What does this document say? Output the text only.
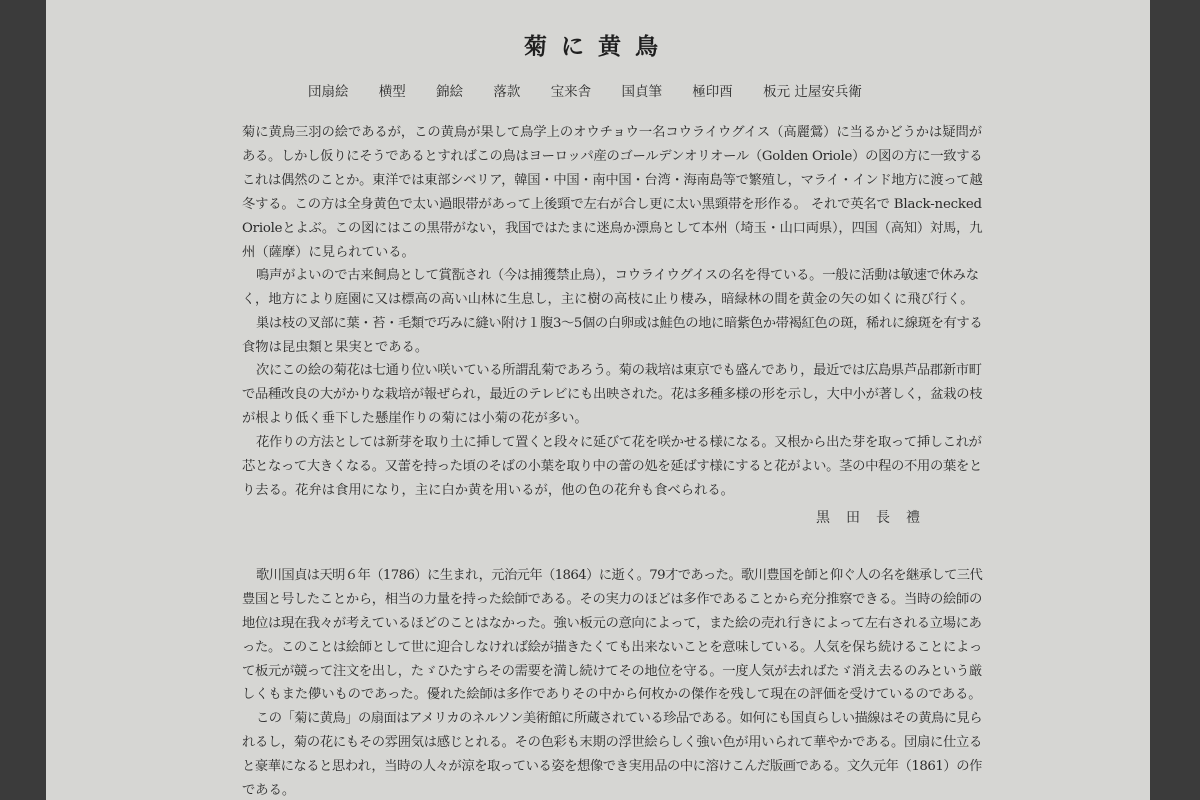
菊に黄鳥
団扇絵 横型 錦絵 落款 宝来舎 国貞筆 極印酉 板元 辻屋安兵衛
菊に黄鳥三羽の絵であるが，この黄鳥が果して鳥学上のオウチョウ一名コウライウグイス（高麗鶯）に当るかどうかは疑問が
ある。しかし仮りにそうであるとすればこの鳥はヨーロッパ産のゴールデンオリオール（Golden Oriole）の図の方に一致する
これは偶然のことか。東洋では東部シベリア，韓国・中国・南中国・台湾・海南島等で繁殖し，マライ・インド地方に渡って越
冬する。この方は全身黄色で太い過眼帯があって上後頸で左右が合し更に太い黒頸帯を形作る。 それで英名で Black-necked
Orioleとよぶ。この図にはこの黒帯がない，我国ではたまに迷鳥か漂鳥として本州（埼玉・山口両県），四国（高知）対馬，九
州（薩摩）に見られている。
鳴声がよいので古来飼鳥として賞翫され（今は捕獲禁止鳥），コウライウグイスの名を得ている。一般に活動は敏速で休みな
く，地方により庭園に又は標高の高い山林に生息し，主に樹の高枝に止り棲み，暗緑林の間を黄金の矢の如くに飛び行く。
巣は枝の叉部に葉・苔・毛類で巧みに縫い附け１腹3～5個の白卵或は鮭色の地に暗紫色か帯褐紅色の斑，稀れに線斑を有する
食物は昆虫類と果実とである。
次にこの絵の菊花は七通り位い咲いている所謂乱菊であろう。菊の栽培は東京でも盛んであり，最近では広島県芦品郡新市町
で品種改良の大がかりな栽培が報ぜられ，最近のテレビにも出映された。花は多種多様の形を示し，大中小が著しく，盆栽の枝
が根より低く垂下した懸崖作りの菊には小菊の花が多い。
花作りの方法としては新芽を取り土に挿して置くと段々に延びて花を咲かせる様になる。又根から出た芽を取って挿しこれが
芯となって大きくなる。又蕾を持った頃のそばの小葉を取り中の蕾の処を延ばす様にすると花がよい。茎の中程の不用の葉をと
り去る。花弁は食用になり，主に白か黄を用いるが，他の色の花弁も食べられる。
黒田長禮
歌川国貞は天明６年（1786）に生まれ，元治元年（1864）に逝く。79才であった。歌川豊国を師と仰ぐ人の名を継承して三代
豊国と号したことから，相当の力量を持った絵師である。その実力のほどは多作であることから充分推察できる。当時の絵師の
地位は現在我々が考えているほどのことはなかった。強い板元の意向によって，また絵の売れ行きによって左右される立場にあ
った。このことは絵師として世に迎合しなければ絵が描きたくても出来ないことを意味している。人気を保ち続けることによっ
て板元が競って注文を出し，たゞひたすらその需要を満し続けてその地位を守る。一度人気が去ればたゞ消え去るのみという厳
しくもまた儚いものであった。優れた絵師は多作でありその中から何枚かの傑作を残して現在の評価を受けているのである。
この「菊に黄鳥」の扇面はアメリカのネルソン美術館に所蔵されている珍品である。如何にも国貞らしい描線はその黄鳥に見ら
れるし，菊の花にもその雰囲気は感じとれる。その色彩も末期の浮世絵らしく強い色が用いられて華やかである。団扇に仕立る
と豪華になると思われ，当時の人々が涼を取っている姿を想像でき実用品の中に溶けこんだ版画である。文久元年（1861）の作
である。
